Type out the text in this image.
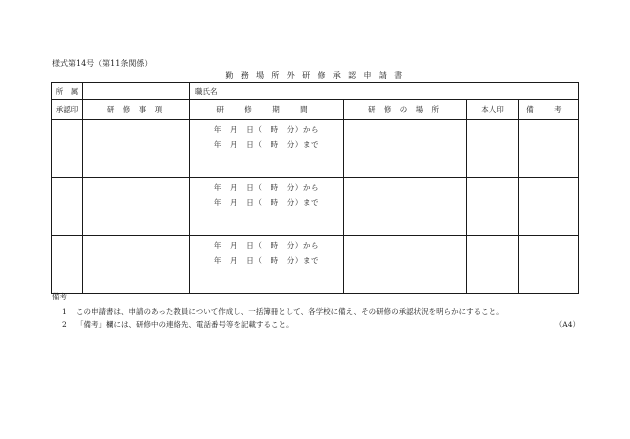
様式第14号（第11条関係）
勤 務 場 所 外 研 修 承 認 申 請 書
所　属		職氏名			
承認印	研 修 事 項	研 修 期 間	研 修 の 場 所	本人印	備 考

		年　月　日（　時　分）から
年　月　日（　時　分）まで			

		年　月　日（　時　分）から
年　月　日（　時　分）まで			

		年　月　日（　時　分）から
年　月　日（　時　分）まで			

備考
1	この申請書は、申請のあった教員について作成し、一括簿冊として、各学校に備え、その研修の承認状況を明らかにすること。
2	「備考」欄には、研修中の連絡先、電話番号等を記載すること。	（A4）
